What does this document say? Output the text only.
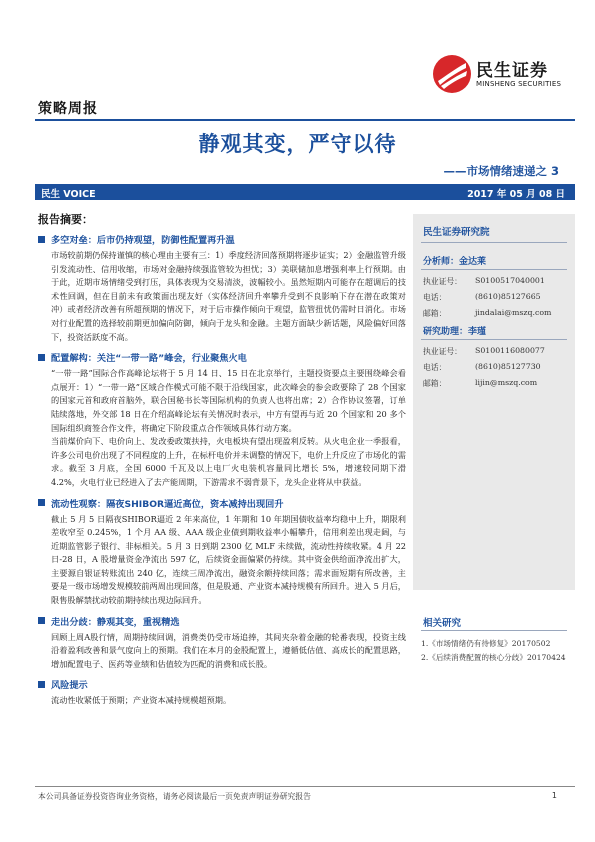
民生证券
MINSHENG SECURITIES
策略周报
静观其变，严守以待
——市场情绪速递之 3
民生 VOICE	2017 年 05 月 08 日
报告摘要：
多空对垒：后市仍持观望，防御性配置再升温

市场较前期仍保持谨慎的核心理由主要有三：1）季度经济回落预期将逐步证实；2）金融监管升级引发流动性、信用收缩，市场对金融持续强监管较为担忧；3）美联储加息增强利率上行预期。由于此，近期市场情绪受到打压，具体表现为交易清淡，波幅较小。虽然短期内可能存在超调后的技术性回调，但在目前未有政策面出现友好（实体经济回升率攀升受到不良影响下存在潜在政策对冲）或者经济改善有所超预期的情况下，对于后市操作倾向于观望，监管扭忧仍需时日消化。市场对行业配置的选择较前期更加偏向防御，倾向于龙头和金融。主题方面缺少新话题，风险偏好回落下，投资活跃度不高。

配置解构：关注“一带一路”峰会，行业聚焦火电

“一带一路”国际合作高峰论坛将于 5 月 14 日、15 日在北京举行，主题投资要点主要围绕峰会看点展开：1）“一带一路”区域合作模式可能不限于沿线国家，此次峰会的参会政要除了 28 个国家的国家元首和政府首脑外，联合国秘书长等国际机构的负责人也将出席；2）合作协议签署，订单陆续落地，外交部 18 日在介绍高峰论坛有关情况时表示，中方有望再与近 20 个国家和 20 多个国际组织商签合作文件，将确定下阶段重点合作领域具体行动方案。

当前煤价向下、电价向上、发改委政策扶持，火电板块有望出现盈利反转。从火电企业一季报看，许多公司电价出现了不同程度的上升，在标杆电价并未调整的情况下，电价上升反应了市场化的需求。截至 3 月底，全国 6000 千瓦及以上电厂火电装机容量同比增长 5%，增速较同期下滑 4.2%，火电行业已经进入了去产能周期，下游需求不弱背景下，龙头企业将从中获益。

流动性观察：隔夜SHIBOR逼近高位，资本减持出现回升

截止 5 月 5 日隔夜SHIBOR逼近 2 年来高位，1 年期和 10 年期国债收益率均稳中上升，期限利差收窄至 0.245%，1 个月 AA 级、AAA 级企业债到期收益率小幅攀升，信用利差出现走阔，与近期监管影子银行、非标相关。5 月 3 日到期 2300 亿 MLF 未续做，流动性持续收紧。4 月 22 日-28 日，A 股增量资金净流出 597 亿，后续资金面偏紧仍持续。其中资金供给面净流出扩大，主要源自银证转账流出 240 亿，连续三周净流出，融资余额持续回落；需求面短期有所改善，主要是一级市场增发规模较前两周出现回落，但是股通、产业资本减持规模有所回升。进入 5 月后，限售股解禁扰动较前期持续出现边际回升。

走出分歧：静观其变，重视精选

回顾上周A股行情，周期持续回调，消费类仍受市场追捧，其间夹杂着金融的轮番表现，投资主线沿着盈利改善和景气度向上的预期。我们在本月的金股配置上，遵循低估值、高成长的配置思路，增加配置电子、医药等业绩和估值较为匹配的消费和成长股。

风险提示

流动性收紧低于预期；产业资本减持规模超预期。

民生证券研究院
分析师：金达莱
执业证号： S0100517040001
电话：	(8610)85127665
邮箱：	jindalai@mszq.com
研究助理：李瑾
执业证号： S0100116080077
电话：	(8610)85127730
邮箱：	lijin@mszq.com
相关研究
1.《市场情绪仍有待修复》20170502
2.《后续消费配置的核心分歧》20170424
本公司具备证券投资咨询业务资格，请务必阅读最后一页免责声明证券研究报告	1
